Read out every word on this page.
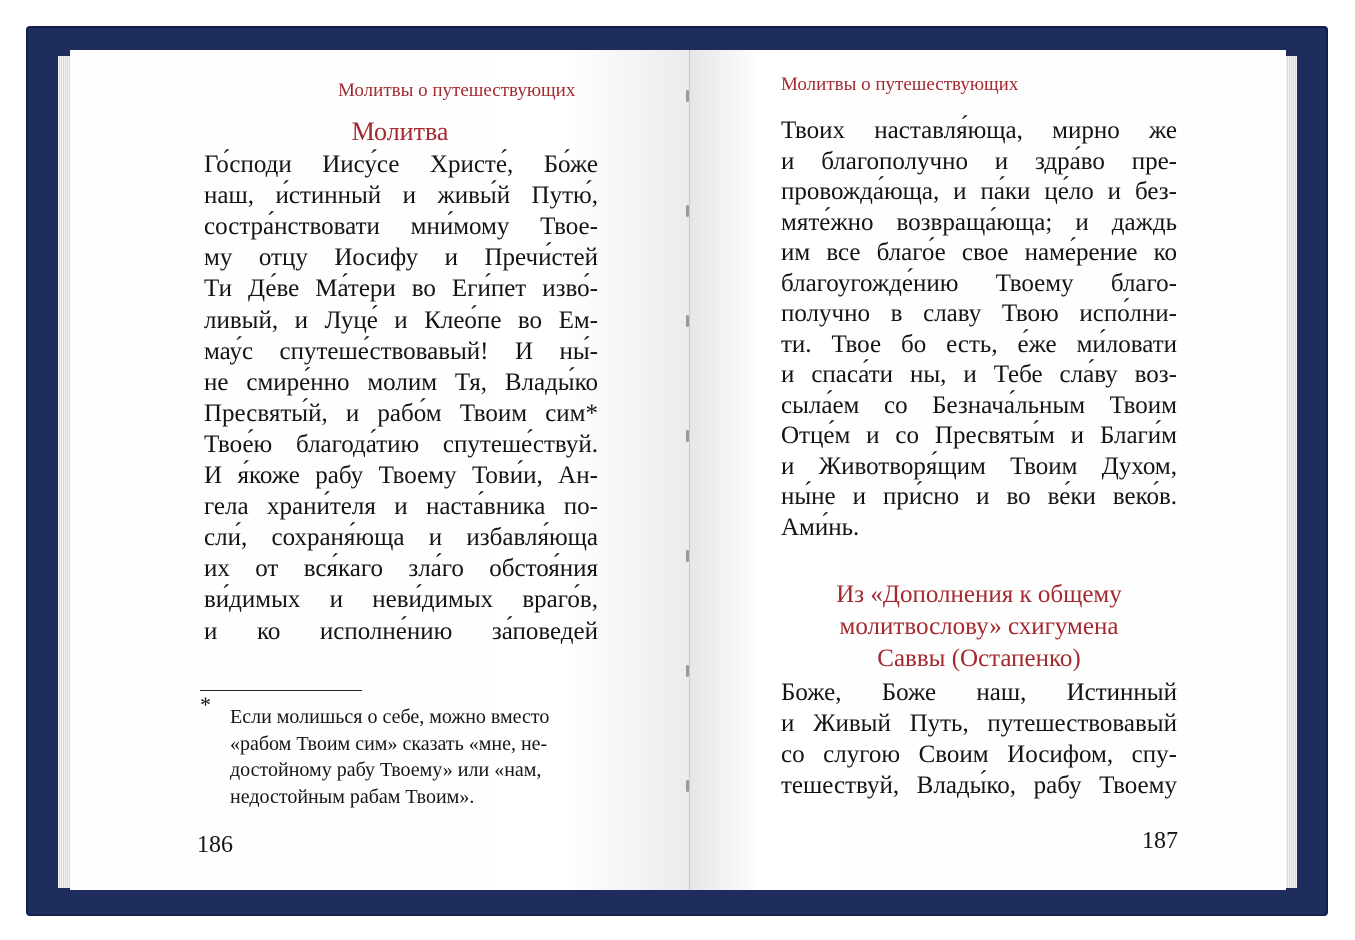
Молитвы о путешествующих
Молитва
Го́споди Иису́се Христе́, Бо́же
наш, и́стинный и живы́й Путю́,
состра́нствовати мни́мому Твое-
му отцу Иосифу и Пречи́стей
Ти Де́ве Ма́тери во Еги́пет изво́-
ливый, и Луце́ и Клео́пе во Ем-
мау́с спутеше́ствовавый! И ны́-
не смире́нно молим Тя, Влады́ко
Пресвяты́й, и рабо́м Твоим сим*
Твое́ю благода́тию спутеше́ствуй.
И я́коже рабу Твоему Тови́и, Ан-
гела храни́теля и наста́вника по-
сли́, сохраня́юща и избавля́юща
их от вся́каго зла́го обстоя́ния
ви́димых и неви́димых враго́в,
и ко исполне́нию за́поведей
* Если молишься о себе, можно вместо
«рабом Твоим сим» сказать «мне, не-
достойному рабу Твоему» или «нам,
недостойным рабам Твоим».
186
Молитвы о путешествующих
Твоих наставля́юща, мирно же
и благополучно и здра́во пре-
провожда́юща, и па́ки це́ло и без-
мяте́жно возвраща́юща; и даждь
им все благо́е свое наме́рение ко
благоугожде́нию Твоему благо-
получно в славу Твою испо́лни-
ти. Твое бо есть, е́же ми́ловати
и спаса́ти ны, и Тебе сла́ву воз-
сыла́ем со Безнача́льным Твоим
Отце́м и со Пресвяты́м и Благи́м
и Животворя́щим Твоим Духом,
ны́не и при́сно и во ве́ки веко́в.
Ами́нь.
Из «Дополнения к общему
молитвослову» схигумена
Саввы (Остапенко)
Боже, Боже наш, Истинный
и Живый Путь, путешествовавый
со слугою Своим Иосифом, спу-
тешествуй, Влады́ко, рабу Твоему
187
